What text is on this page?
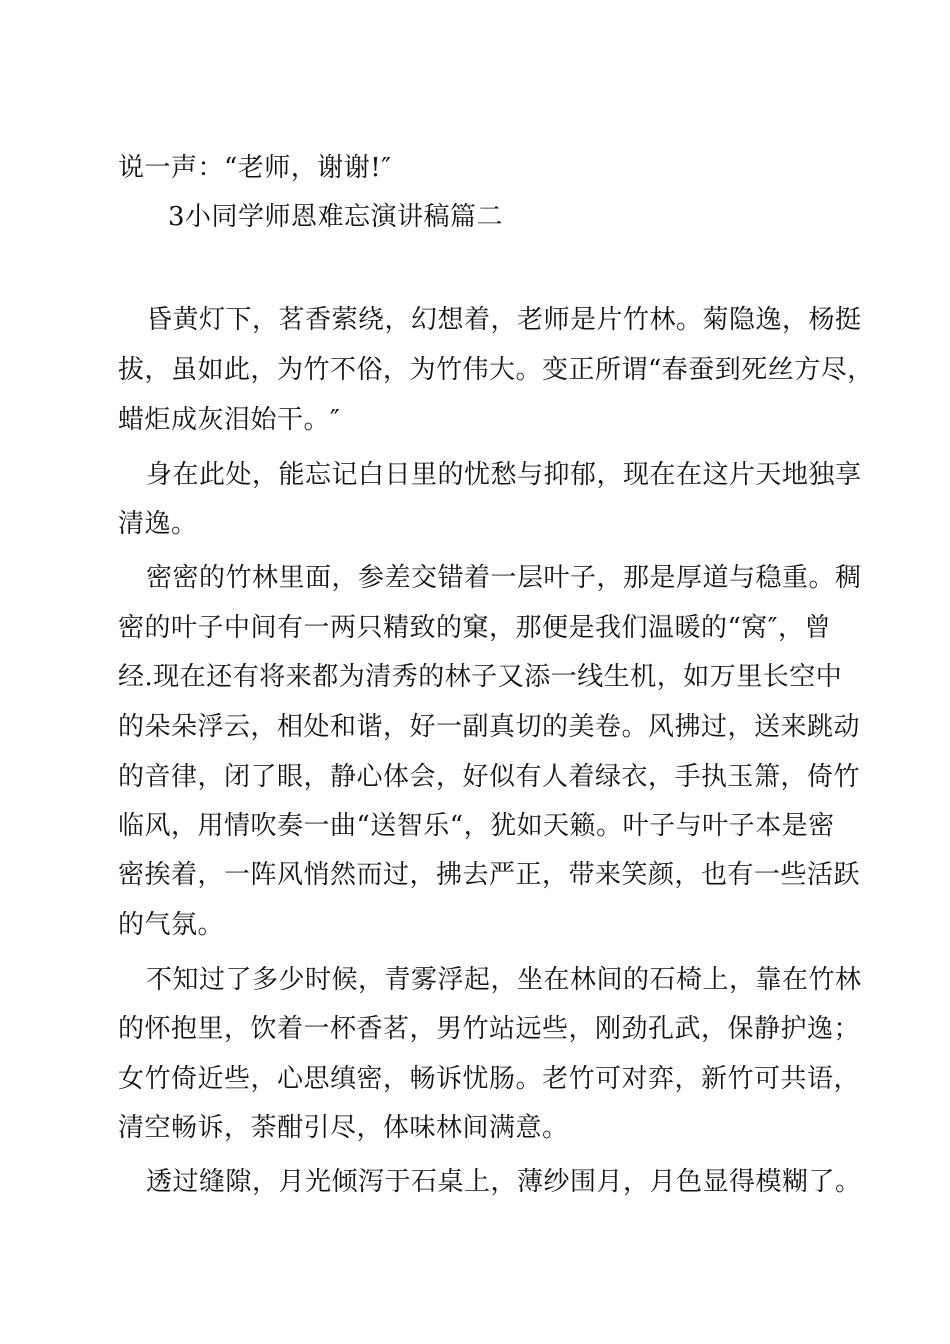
说一声：“老师，谢谢!″
3小同学师恩难忘演讲稿篇二
昏黄灯下，茗香萦绕，幻想着，老师是片竹林。菊隐逸，杨挺
拔，虽如此，为竹不俗，为竹伟大。变正所谓“春蚕到死丝方尽，
蜡炬成灰泪始干。″
身在此处，能忘记白日里的忧愁与抑郁，现在在这片天地独享
清逸。
密密的竹林里面，参差交错着一层叶子，那是厚道与稳重。稠
密的叶子中间有一两只精致的窠，那便是我们温暖的“窝″，曾
经.现在还有将来都为清秀的林子又添一线生机，如万里长空中
的朵朵浮云，相处和谐，好一副真切的美卷。风拂过，送来跳动
的音律，闭了眼，静心体会，好似有人着绿衣，手执玉箫，倚竹
临风，用情吹奏一曲“送智乐“，犹如天籁。叶子与叶子本是密
密挨着，一阵风悄然而过，拂去严正，带来笑颜，也有一些活跃
的气氛。
不知过了多少时候，青雾浮起，坐在林间的石椅上，靠在竹林
的怀抱里，饮着一杯香茗，男竹站远些，刚劲孔武，保静护逸；
女竹倚近些，心思缜密，畅诉忧肠。老竹可对弈，新竹可共语，
清空畅诉，荼酣引尽，体味林间满意。
透过缝隙，月光倾泻于石桌上，薄纱围月，月色显得模糊了。
